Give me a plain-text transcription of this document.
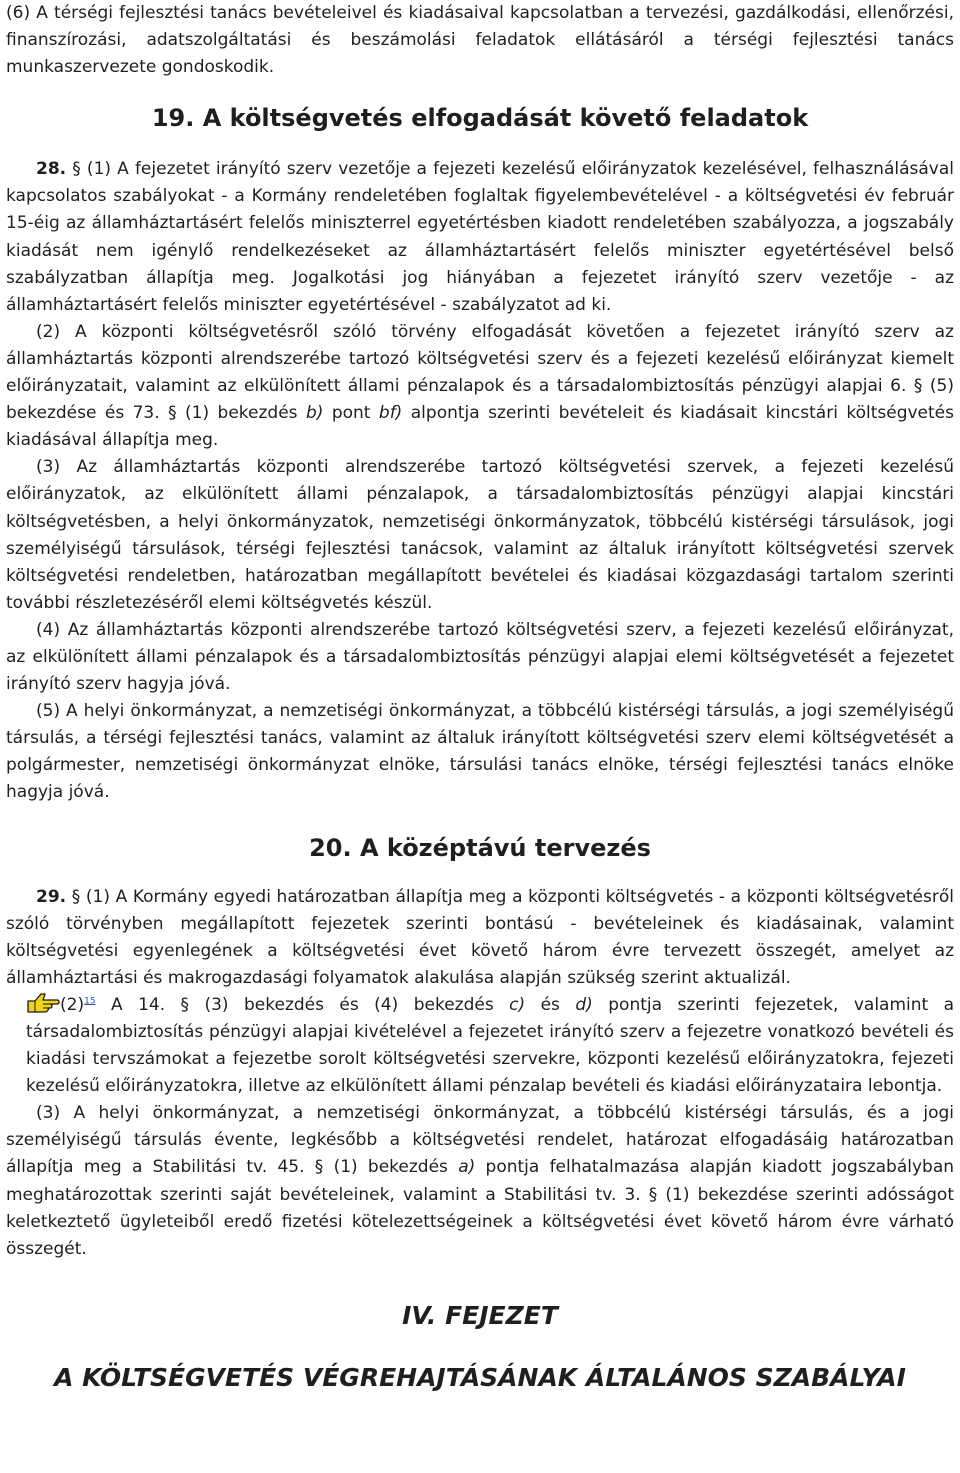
(6) A térségi fejlesztési tanács bevételeivel és kiadásaival kapcsolatban a tervezési, gazdálkodási, ellenőrzési, finanszírozási, adatszolgáltatási és beszámolási feladatok ellátásáról a térségi fejlesztési tanács munkaszervezete gondoskodik.

19. A költségvetés elfogadását követő feladatok

28. § (1) A fejezetet irányító szerv vezetője a fejezeti kezelésű előirányzatok kezelésével, felhasználásával kapcsolatos szabályokat - a Kormány rendeletében foglaltak figyelembevételével - a költségvetési év február 15-éig az államháztartásért felelős miniszterrel egyetértésben kiadott rendeletében szabályozza, a jogszabály kiadását nem igénylő rendelkezéseket az államháztartásért felelős miniszter egyetértésével belső szabályzatban állapítja meg. Jogalkotási jog hiányában a fejezetet irányító szerv vezetője - az államháztartásért felelős miniszter egyetértésével - szabályzatot ad ki.

(2) A központi költségvetésről szóló törvény elfogadását követően a fejezetet irányító szerv az államháztartás központi alrendszerébe tartozó költségvetési szerv és a fejezeti kezelésű előirányzat kiemelt előirányzatait, valamint az elkülönített állami pénzalapok és a társadalombiztosítás pénzügyi alapjai 6. § (5) bekezdése és 73. § (1) bekezdés b) pont bf) alpontja szerinti bevételeit és kiadásait kincstári költségvetés kiadásával állapítja meg.

(3) Az államháztartás központi alrendszerébe tartozó költségvetési szervek, a fejezeti kezelésű előirányzatok, az elkülönített állami pénzalapok, a társadalombiztosítás pénzügyi alapjai kincstári költségvetésben, a helyi önkormányzatok, nemzetiségi önkormányzatok, többcélú kistérségi társulások, jogi személyiségű társulások, térségi fejlesztési tanácsok, valamint az általuk irányított költségvetési szervek költségvetési rendeletben, határozatban megállapított bevételei és kiadásai közgazdasági tartalom szerinti további részletezéséről elemi költségvetés készül.

(4) Az államháztartás központi alrendszerébe tartozó költségvetési szerv, a fejezeti kezelésű előirányzat, az elkülönített állami pénzalapok és a társadalombiztosítás pénzügyi alapjai elemi költségvetését a fejezetet irányító szerv hagyja jóvá.

(5) A helyi önkormányzat, a nemzetiségi önkormányzat, a többcélú kistérségi társulás, a jogi személyiségű társulás, a térségi fejlesztési tanács, valamint az általuk irányított költségvetési szerv elemi költségvetését a polgármester, nemzetiségi önkormányzat elnöke, társulási tanács elnöke, térségi fejlesztési tanács elnöke hagyja jóvá.

20. A középtávú tervezés

29. § (1) A Kormány egyedi határozatban állapítja meg a központi költségvetés - a központi költségvetésről szóló törvényben megállapított fejezetek szerinti bontású - bevételeinek és kiadásainak, valamint költségvetési egyenlegének a költségvetési évet követő három évre tervezett összegét, amelyet az államháztartási és makrogazdasági folyamatok alakulása alapján szükség szerint aktualizál.

$(2)^{15}$ A 14. § (3) bekezdés és (4) bekezdés c) és d) pontja szerinti fejezetek, valamint a társadalombiztosítás pénzügyi alapjai kivételével a fejezetet irányító szerv a fejezetre vonatkozó bevételi és kiadási tervszámokat a fejezetbe sorolt költségvetési szervekre, központi kezelésű előirányzatokra, fejezeti kezelésű előirányzatokra, illetve az elkülönített állami pénzalap bevételi és kiadási előirányzataira lebontja.

(3) A helyi önkormányzat, a nemzetiségi önkormányzat, a többcélú kistérségi társulás, és a jogi személyiségű társulás évente, legkésőbb a költségvetési rendelet, határozat elfogadásáig határozatban állapítja meg a Stabilitási tv. 45. § (1) bekezdés a) pontja felhatalmazása alapján kiadott jogszabályban meghatározottak szerinti saját bevételeinek, valamint a Stabilitási tv. 3. § (1) bekezdése szerinti adósságot keletkeztető ügyleteiből eredő fizetési kötelezettségeinek a költségvetési évet követő három évre várható összegét.

IV. FEJEZET
A KÖLTSÉGVETÉS VÉGREHAJTÁSÁNAK ÁLTALÁNOS SZABÁLYAI
